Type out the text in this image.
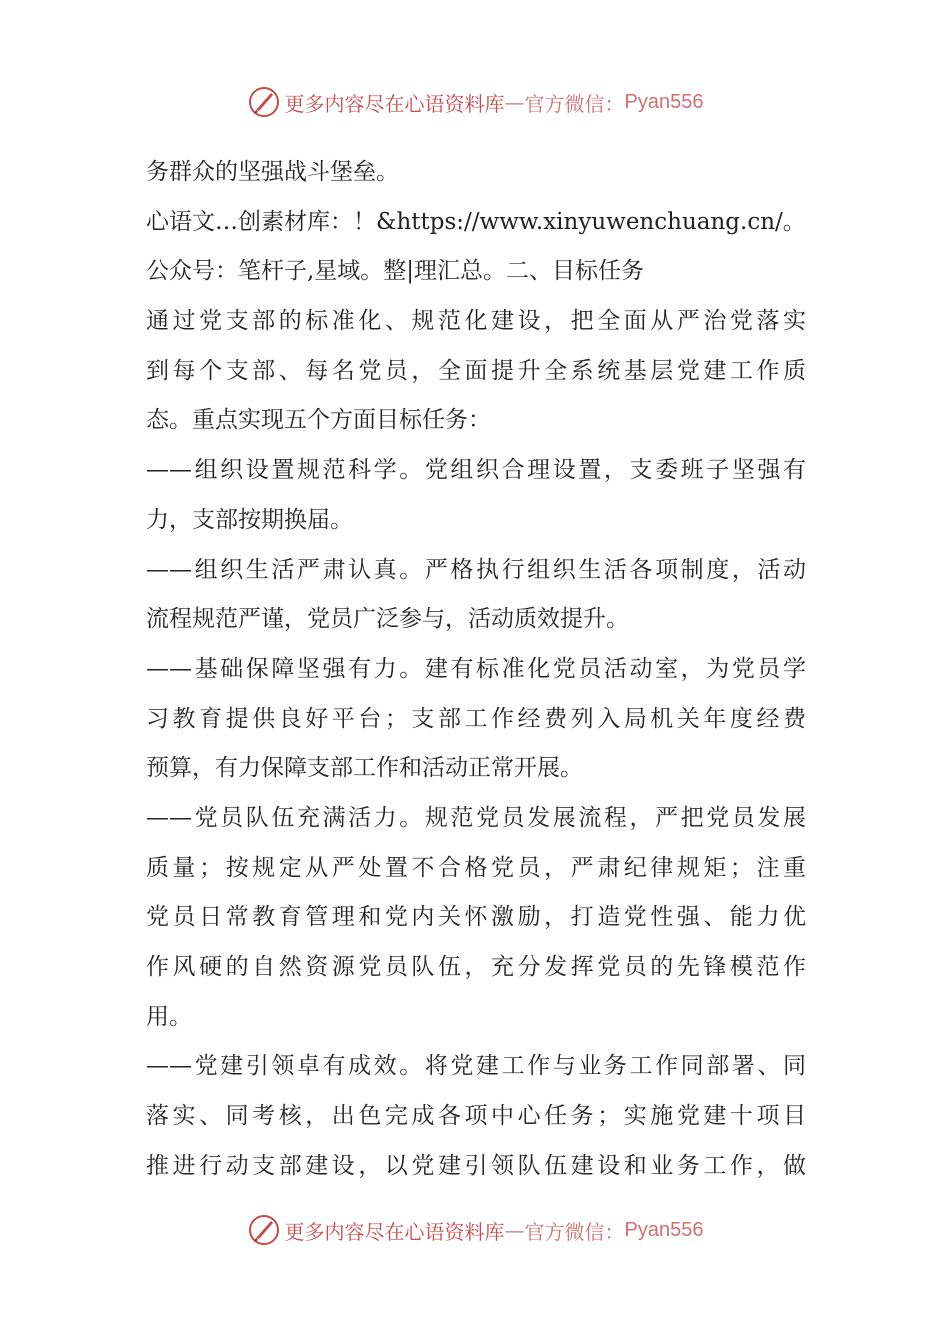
更多内容尽在心语资料库 — 官方微信： Pyan556
务群众的坚强战斗堡垒。
心语文…创素材库：！&https://www.xinyuwenchuang.cn/。
公众号：笔杆子,星域。整|理汇总。二、目标任务
通过党支部的标准化、规范化建设，把全面从严治党落实
到每个支部、每名党员，全面提升全系统基层党建工作质
态。重点实现五个方面目标任务：
——组织设置规范科学。党组织合理设置，支委班子坚强有
力，支部按期换届。
——组织生活严肃认真。严格执行组织生活各项制度，活动
流程规范严谨，党员广泛参与，活动质效提升。
——基础保障坚强有力。建有标准化党员活动室，为党员学
习教育提供良好平台；支部工作经费列入局机关年度经费
预算，有力保障支部工作和活动正常开展。
——党员队伍充满活力。规范党员发展流程，严把党员发展
质量；按规定从严处置不合格党员，严肃纪律规矩；注重
党员日常教育管理和党内关怀激励，打造党性强、能力优
作风硬的自然资源党员队伍，充分发挥党员的先锋模范作
用。
——党建引领卓有成效。将党建工作与业务工作同部署、同
落实、同考核，出色完成各项中心任务；实施党建十项目
推进行动支部建设，以党建引领队伍建设和业务工作，做
更多内容尽在心语资料库 — 官方微信： Pyan556
